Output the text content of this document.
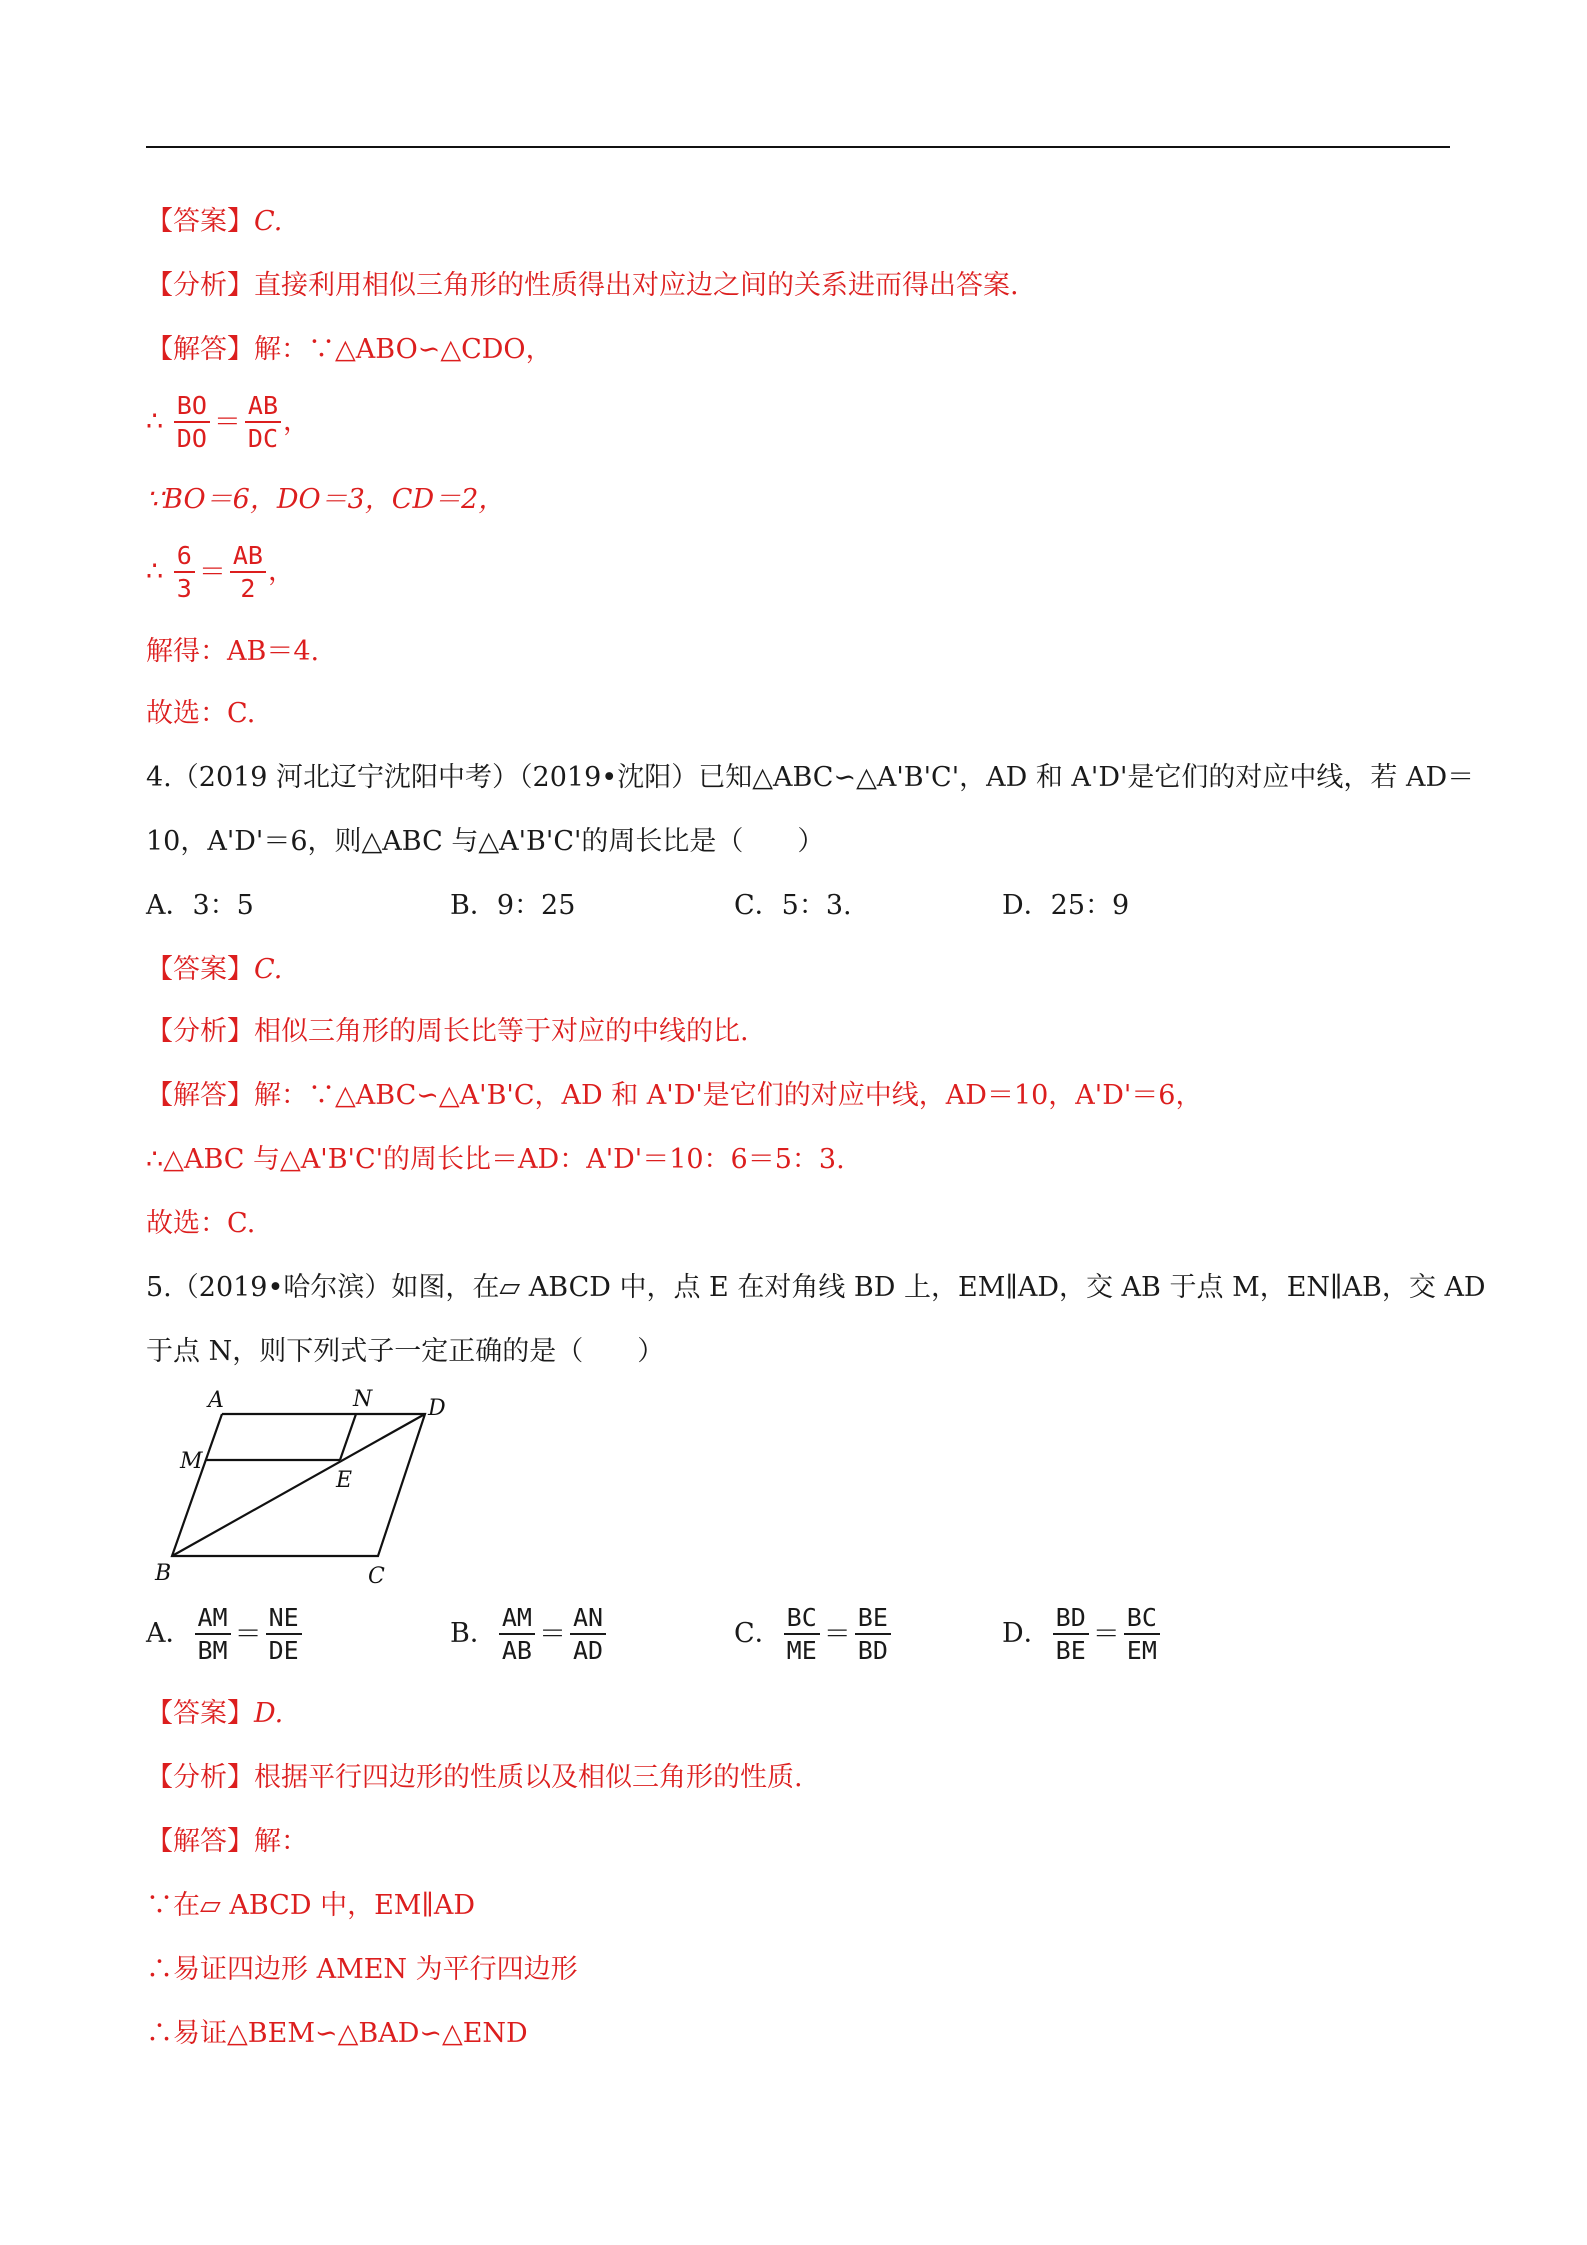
【答案】C.
【分析】直接利用相似三角形的性质得出对应边之间的关系进而得出答案.
【解答】解：∵△ABO∽△CDO，
∴ $\frac{BO}{DO} = \frac{AB}{DC}$ ，
∵BO＝6，DO＝3，CD＝2，
∴ $\frac{6}{3} = \frac{AB}{2}$ ，
解得：AB＝4.
故选：C.
4.（2019 河北辽宁沈阳中考）（2019•沈阳）已知△ABC∽△A'B'C'，AD 和 A'D'是它们的对应中线，若 AD＝
10，A'D'＝6，则△ABC 与△A'B'C'的周长比是（　　）
A．3：5	B．9：25	C．5：3.	D．25：9
【答案】C.
【分析】相似三角形的周长比等于对应的中线的比.
【解答】解：∵△ABC∽△A'B'C，AD 和 A'D'是它们的对应中线，AD＝10，A'D'＝6，
∴△ABC 与△A'B'C'的周长比＝AD：A'D'＝10：6＝5：3.
故选：C.
5.（2019•哈尔滨）如图，在▱ ABCD 中，点 E 在对角线 BD 上，EM∥AD，交 AB 于点 M，EN∥AB，交 AD
于点 N，则下列式子一定正确的是（　　）
A	N	D
M
E
B	C
A． $\frac{AM}{BM} = \frac{NE}{DE}$	B． $\frac{AM}{AB} = \frac{AN}{AD}$	C． $\frac{BC}{ME} = \frac{BE}{BD}$	D． $\frac{BD}{BE} = \frac{BC}{EM}$
【答案】D.
【分析】根据平行四边形的性质以及相似三角形的性质.
【解答】解：
∵在▱ ABCD 中，EM∥AD
∴易证四边形 AMEN 为平行四边形
∴易证△BEM∽△BAD∽△END
